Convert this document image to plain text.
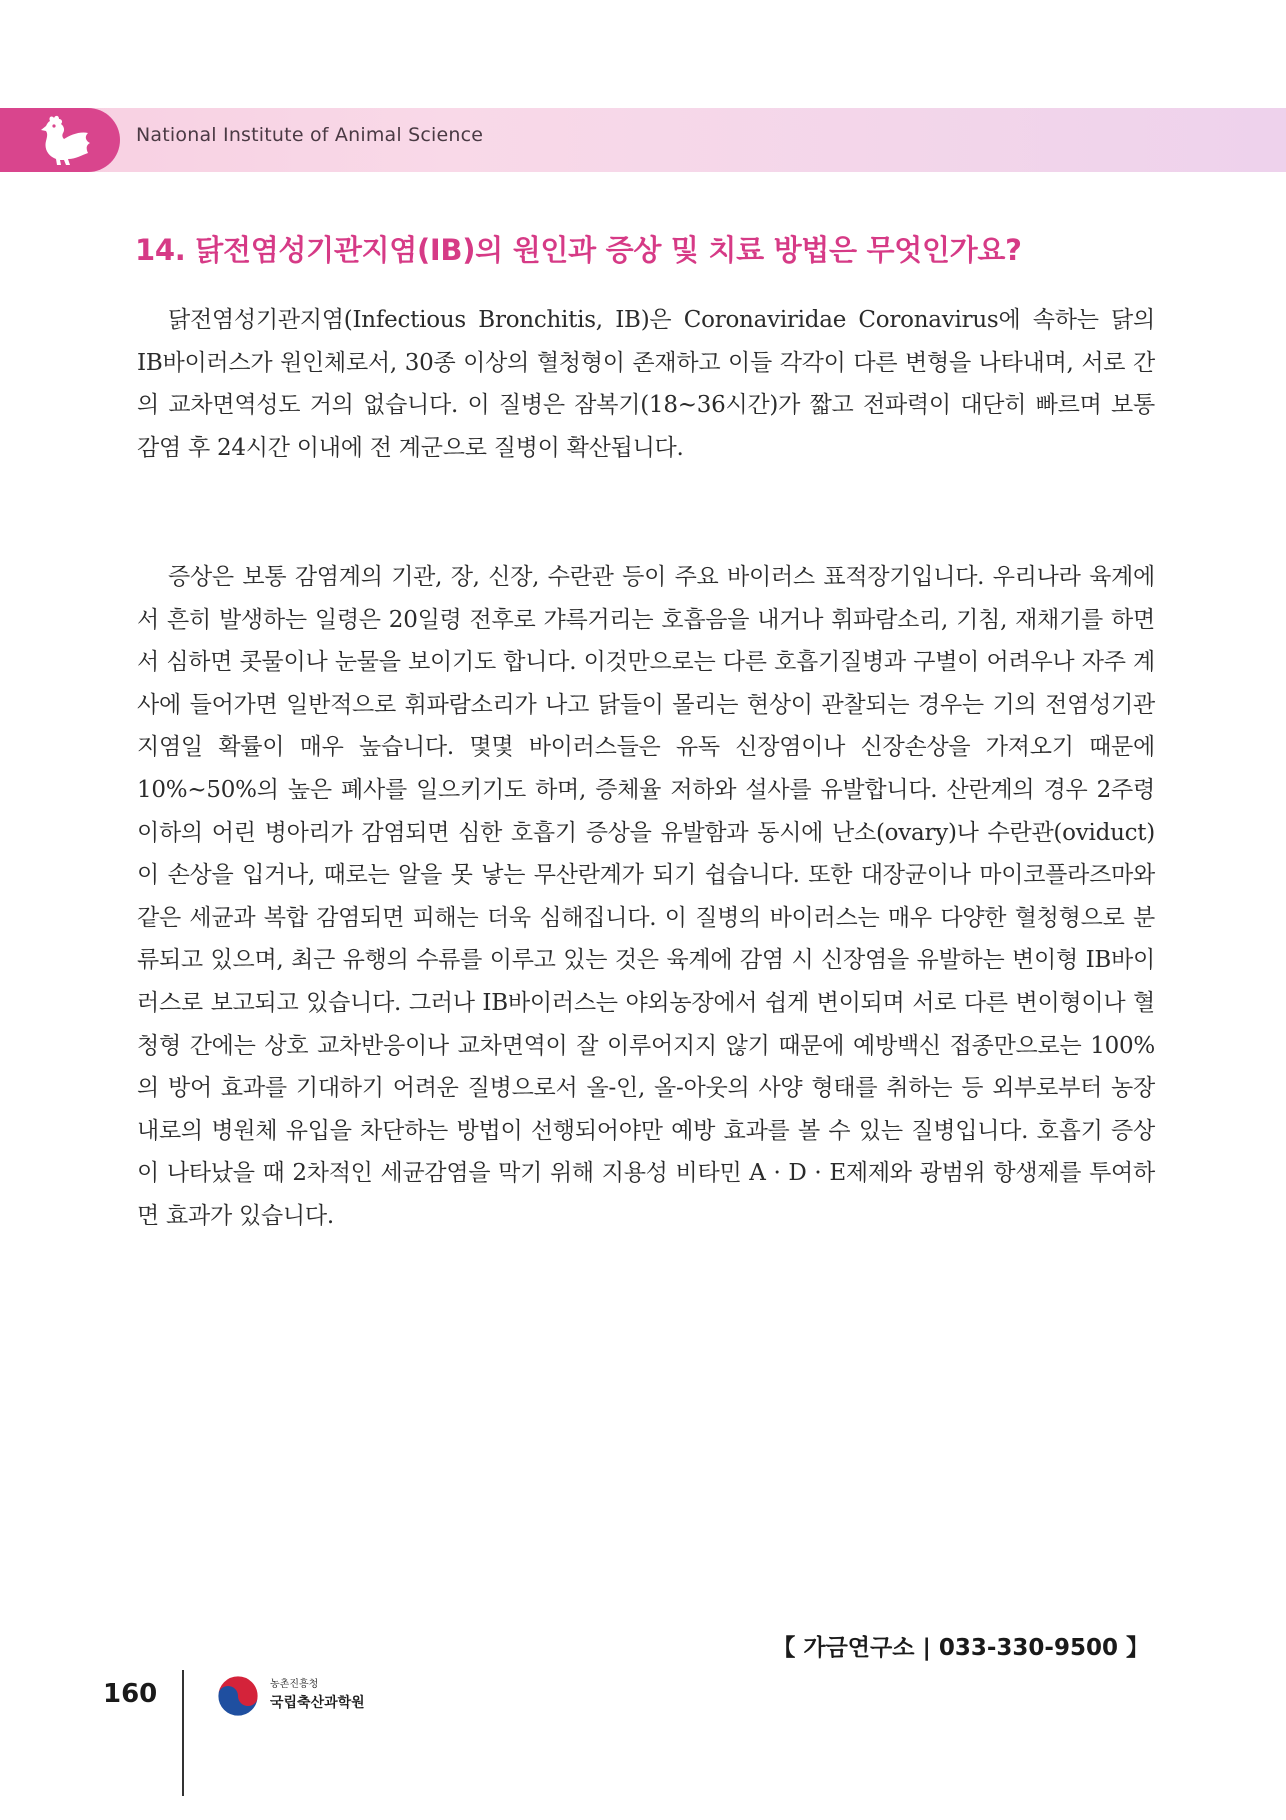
National Institute of Animal Science
14. 닭전염성기관지염(IB)의 원인과 증상 및 치료 방법은 무엇인가요?
닭전염성기관지염(Infectious Bronchitis, IB)은 Coronaviridae Coronavirus에 속하는 닭의 IB바이러스가 원인체로서, 30종 이상의 혈청형이 존재하고 이들 각각이 다른 변형을 나타내며, 서로 간의 교차면역성도 거의 없습니다. 이 질병은 잠복기(18~36시간)가 짧고 전파력이 대단히 빠르며 보통 감염 후 24시간 이내에 전 계군으로 질병이 확산됩니다.
증상은 보통 감염계의 기관, 장, 신장, 수란관 등이 주요 바이러스 표적장기입니다. 우리나라 육계에서 흔히 발생하는 일령은 20일령 전후로 갸륵거리는 호흡음을 내거나 휘파람소리, 기침, 재채기를 하면서 심하면 콧물이나 눈물을 보이기도 합니다. 이것만으로는 다른 호흡기질병과 구별이 어려우나 자주 계사에 들어가면 일반적으로 휘파람소리가 나고 닭들이 몰리는 현상이 관찰되는 경우는 기의 전염성기관지염일 확률이 매우 높습니다. 몇몇 바이러스들은 유독 신장염이나 신장손상을 가져오기 때문에 10%~50%의 높은 폐사를 일으키기도 하며, 증체율 저하와 설사를 유발합니다. 산란계의 경우 2주령 이하의 어린 병아리가 감염되면 심한 호흡기 증상을 유발함과 동시에 난소(ovary)나 수란관(oviduct)이 손상을 입거나, 때로는 알을 못 낳는 무산란계가 되기 쉽습니다. 또한 대장균이나 마이코플라즈마와 같은 세균과 복합 감염되면 피해는 더욱 심해집니다. 이 질병의 바이러스는 매우 다양한 혈청형으로 분류되고 있으며, 최근 유행의 수류를 이루고 있는 것은 육계에 감염 시 신장염을 유발하는 변이형 IB바이러스로 보고되고 있습니다. 그러나 IB바이러스는 야외농장에서 쉽게 변이되며 서로 다른 변이형이나 혈청형 간에는 상호 교차반응이나 교차면역이 잘 이루어지지 않기 때문에 예방백신 접종만으로는 100%의 방어 효과를 기대하기 어려운 질병으로서 올-인, 올-아웃의 사양 형태를 취하는 등 외부로부터 농장 내로의 병원체 유입을 차단하는 방법이 선행되어야만 예방 효과를 볼 수 있는 질병입니다. 호흡기 증상이 나타났을 때 2차적인 세균감염을 막기 위해 지용성 비타민 A · D · E제제와 광범위 항생제를 투여하면 효과가 있습니다.
【 가금연구소 | 033-330-9500 】
160	농촌진흥청
국립축산과학원
